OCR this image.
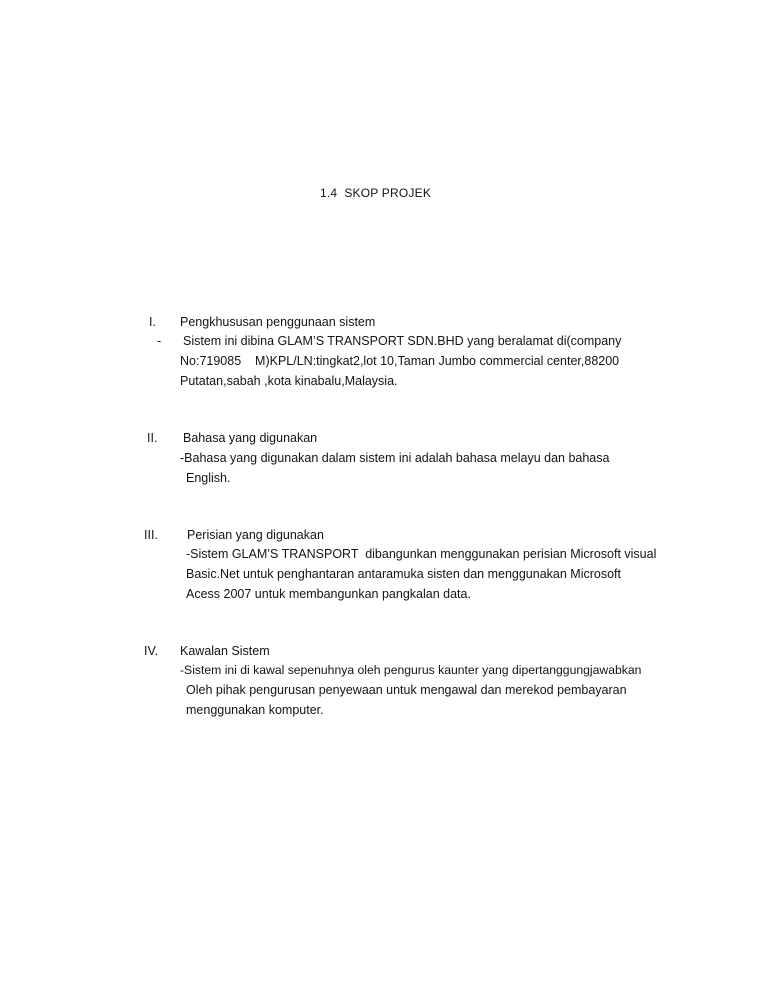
1.4  SKOP PROJEK
I. Pengkhususan penggunaan sistem
- Sistem ini dibina GLAM’S TRANSPORT SDN.BHD yang beralamat di(company
No:719085    M)KPL/LN:tingkat2,lot 10,Taman Jumbo commercial center,88200
Putatan,sabah ,kota kinabalu,Malaysia.
II. Bahasa yang digunakan
-Bahasa yang digunakan dalam sistem ini adalah bahasa melayu dan bahasa
English.
III. Perisian yang digunakan
-Sistem GLAM’S TRANSPORT  dibangunkan menggunakan perisian Microsoft visual
Basic.Net untuk penghantaran antaramuka sisten dan menggunakan Microsoft
Acess 2007 untuk membangunkan pangkalan data.
IV. Kawalan Sistem
-Sistem ini di kawal sepenuhnya oleh pengurus kaunter yang dipertanggungjawabkan
Oleh pihak pengurusan penyewaan untuk mengawal dan merekod pembayaran
menggunakan komputer.
